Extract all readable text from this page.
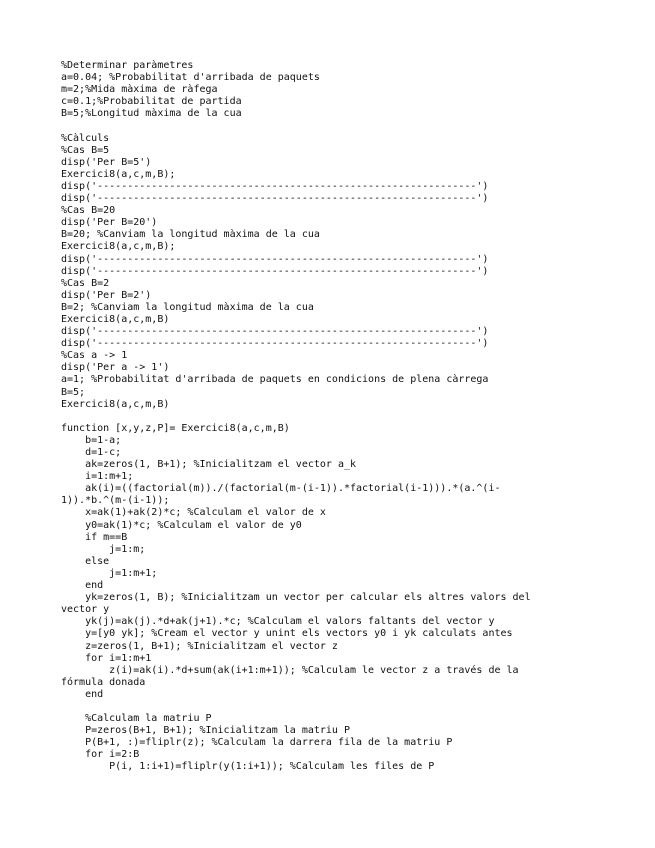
%Determinar paràmetres
a=0.04; %Probabilitat d'arribada de paquets
m=2;%Mida màxima de ràfega
c=0.1;%Probabilitat de partida
B=5;%Longitud màxima de la cua
%Càlculs
%Cas B=5
disp('Per B=5')
Exercici8(a,c,m,B);
disp('---------------------------------------------------------------')
disp('---------------------------------------------------------------')
%Cas B=20
disp('Per B=20')
B=20; %Canviam la longitud màxima de la cua
Exercici8(a,c,m,B);
disp('---------------------------------------------------------------')
disp('---------------------------------------------------------------')
%Cas B=2
disp('Per B=2')
B=2; %Canviam la longitud màxima de la cua
Exercici8(a,c,m,B)
disp('---------------------------------------------------------------')
disp('---------------------------------------------------------------')
%Cas a -> 1
disp('Per a -> 1')
a=1; %Probabilitat d'arribada de paquets en condicions de plena càrrega
B=5;
Exercici8(a,c,m,B)
function [x,y,z,P]= Exercici8(a,c,m,B)
b=1-a;
d=1-c;
ak=zeros(1, B+1); %Inicialitzam el vector a_k
i=1:m+1;
ak(i)=((factorial(m))./(factorial(m-(i-1)).*factorial(i-1))).*(a.^(i-
1)).*b.^(m-(i-1));
x=ak(1)+ak(2)*c; %Calculam el valor de x
y0=ak(1)*c; %Calculam el valor de y0
if m==B
j=1:m;
else
j=1:m+1;
end
yk=zeros(1, B); %Inicialitzam un vector per calcular els altres valors del
vector y
yk(j)=ak(j).*d+ak(j+1).*c; %Calculam el valors faltants del vector y
y=[y0 yk]; %Cream el vector y unint els vectors y0 i yk calculats antes
z=zeros(1, B+1); %Inicialitzam el vector z
for i=1:m+1
z(i)=ak(i).*d+sum(ak(i+1:m+1)); %Calculam le vector z a través de la
fórmula donada
end
%Calculam la matriu P
P=zeros(B+1, B+1); %Inicialitzam la matriu P
P(B+1, :)=fliplr(z); %Calculam la darrera fila de la matriu P
for i=2:B
P(i, 1:i+1)=fliplr(y(1:i+1)); %Calculam les files de P
